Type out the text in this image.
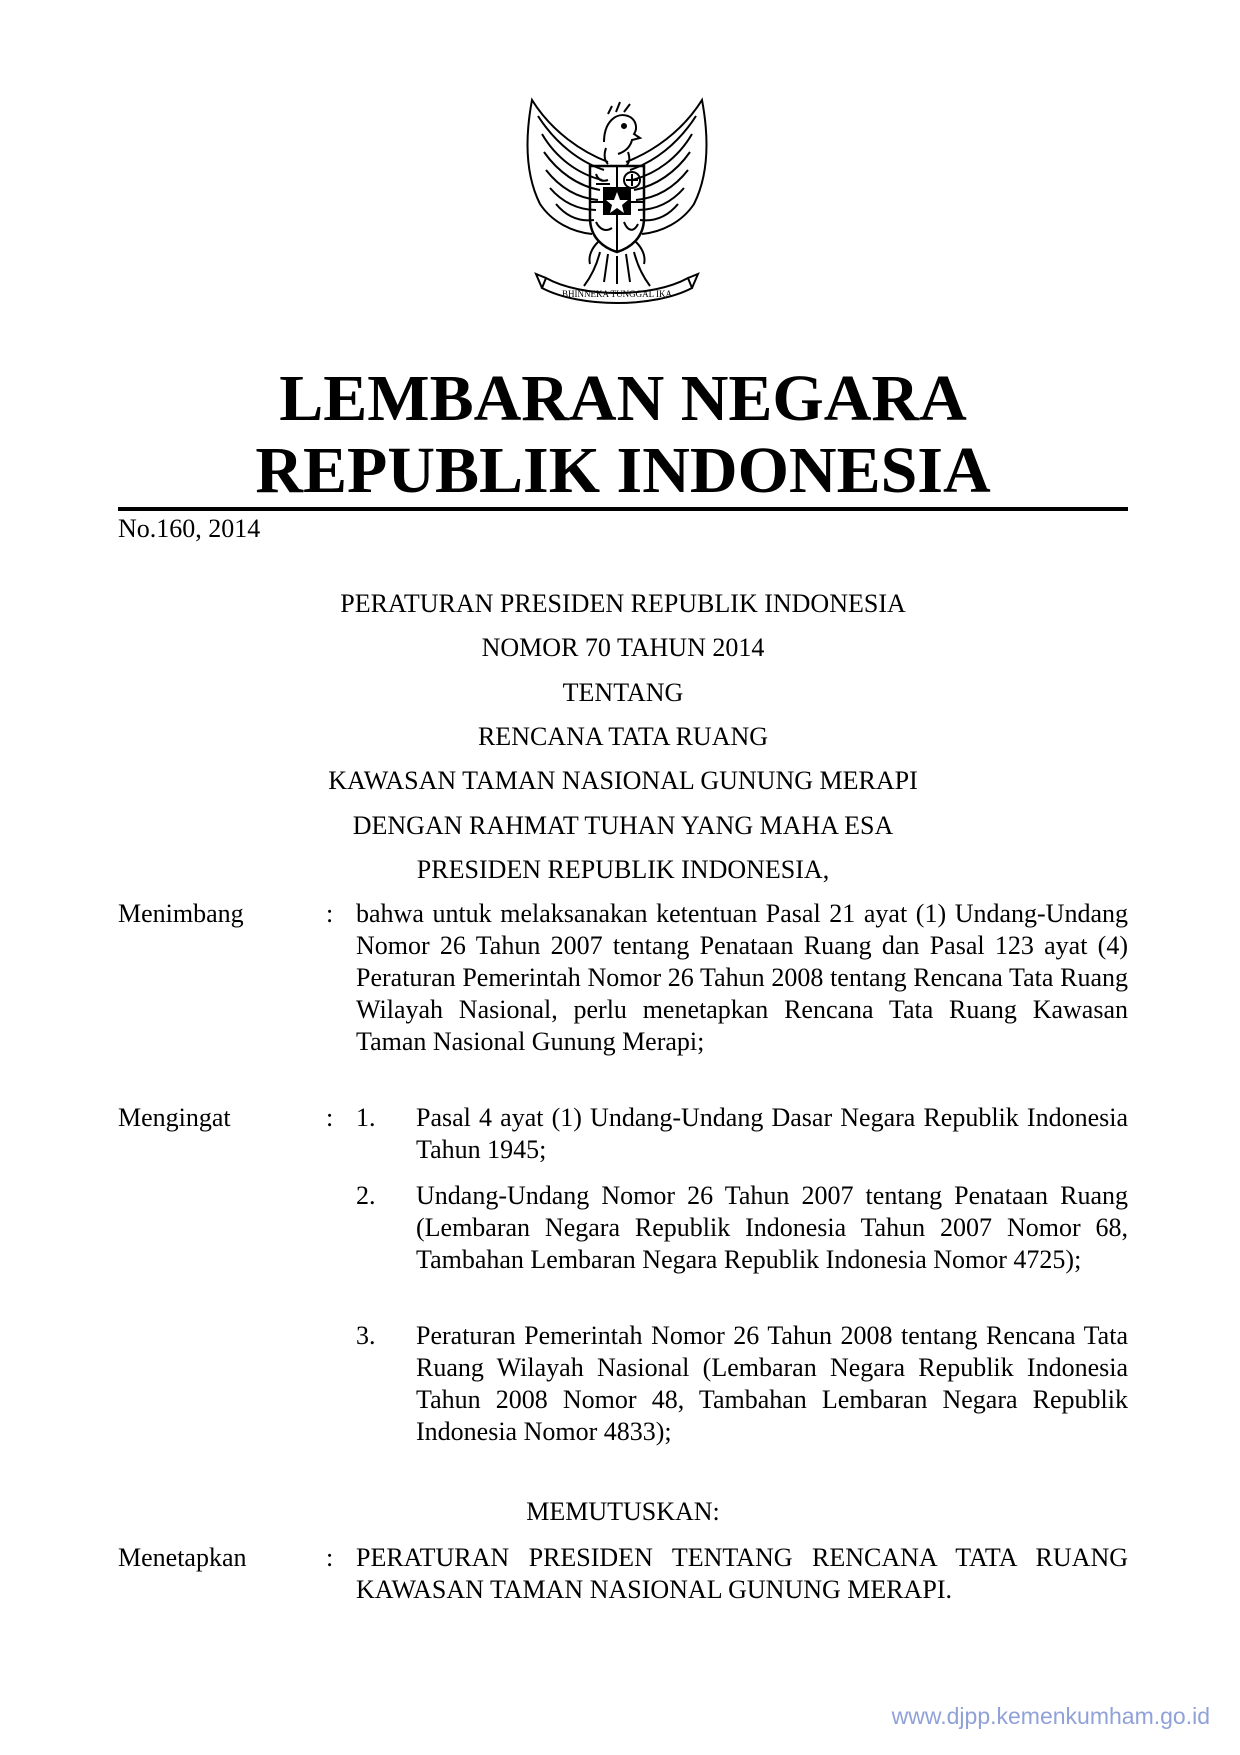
BHINNEKA TUNGGAL IKA
LEMBARAN NEGARA
REPUBLIK INDONESIA
No.160, 2014
PERATURAN PRESIDEN REPUBLIK INDONESIA
NOMOR 70 TAHUN 2014
TENTANG
RENCANA TATA RUANG
KAWASAN TAMAN NASIONAL GUNUNG MERAPI
DENGAN RAHMAT TUHAN YANG MAHA ESA
PRESIDEN REPUBLIK INDONESIA,
Menimbang	: bahwa untuk melaksanakan ketentuan Pasal 21 ayat (1) Undang-Undang Nomor 26 Tahun 2007 tentang Penataan Ruang dan Pasal 123 ayat (4) Peraturan Pemerintah Nomor 26 Tahun 2008 tentang Rencana Tata Ruang Wilayah Nasional, perlu menetapkan Rencana Tata Ruang Kawasan Taman Nasional Gunung Merapi;
Mengingat	: 1. Pasal 4 ayat (1) Undang-Undang Dasar Negara Republik Indonesia Tahun 1945;
2. Undang-Undang Nomor 26 Tahun 2007 tentang Penataan Ruang (Lembaran Negara Republik Indonesia Tahun 2007 Nomor 68, Tambahan Lembaran Negara Republik Indonesia Nomor 4725);
3. Peraturan Pemerintah Nomor 26 Tahun 2008 tentang Rencana Tata Ruang Wilayah Nasional (Lembaran Negara Republik Indonesia Tahun 2008 Nomor 48, Tambahan Lembaran Negara Republik Indonesia Nomor 4833);
MEMUTUSKAN:
Menetapkan	: PERATURAN PRESIDEN TENTANG RENCANA TATA RUANG KAWASAN TAMAN NASIONAL GUNUNG MERAPI.
www.djpp.kemenkumham.go.id
